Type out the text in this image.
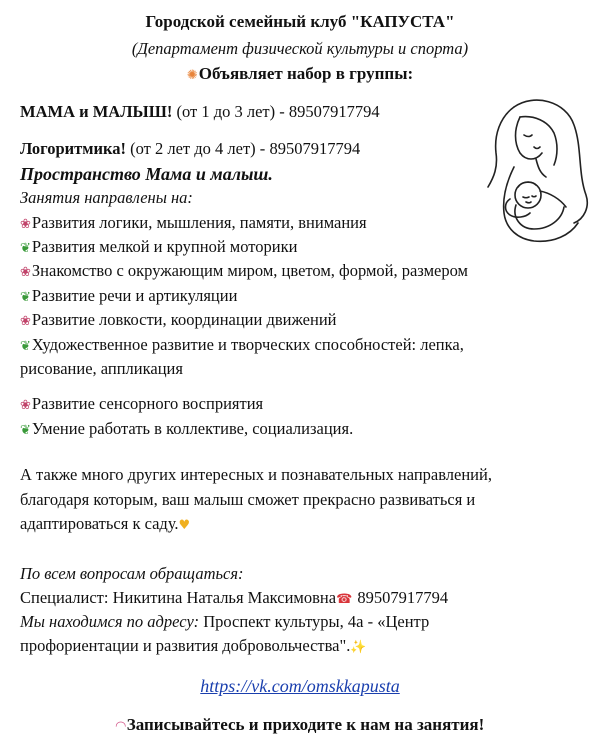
Городской семейный клуб "КАПУСТА"
(Департамент физической культуры и спорта)
✺Объявляет набор в группы:
МАМА и МАЛЫШ! (от 1 до 3 лет) - 89507917794
Логоритмика! (от 2 лет до 4 лет) - 89507917794
Пространство Мама и малыш.
Занятия направлены на:
❀Развития логики, мышления, памяти, внимания
❦Развития мелкой и крупной моторики
❀Знакомство с окружающим миром, цветом, формой, размером
❦Развитие речи и артикуляции
❀Развитие ловкости, координации движений
❦Художественное развитие и творческих способностей: лепка,
рисование, аппликация
❀Развитие сенсорного восприятия
❦Умение работать в коллективе, социализация.
А также много других интересных и познавательных направлений,
благодаря которым, ваш малыш сможет прекрасно развиваться и
адаптироваться к саду.♥
По всем вопросам обращаться:
Специалист: Никитина Наталья Максимовна☎ 89507917794
Мы находимся по адресу: Проспект культуры, 4а - «Центр
профориентации и развития добровольчества".✨
https://vk.com/omskkapusta
◠Записывайтесь и приходите к нам на занятия!
